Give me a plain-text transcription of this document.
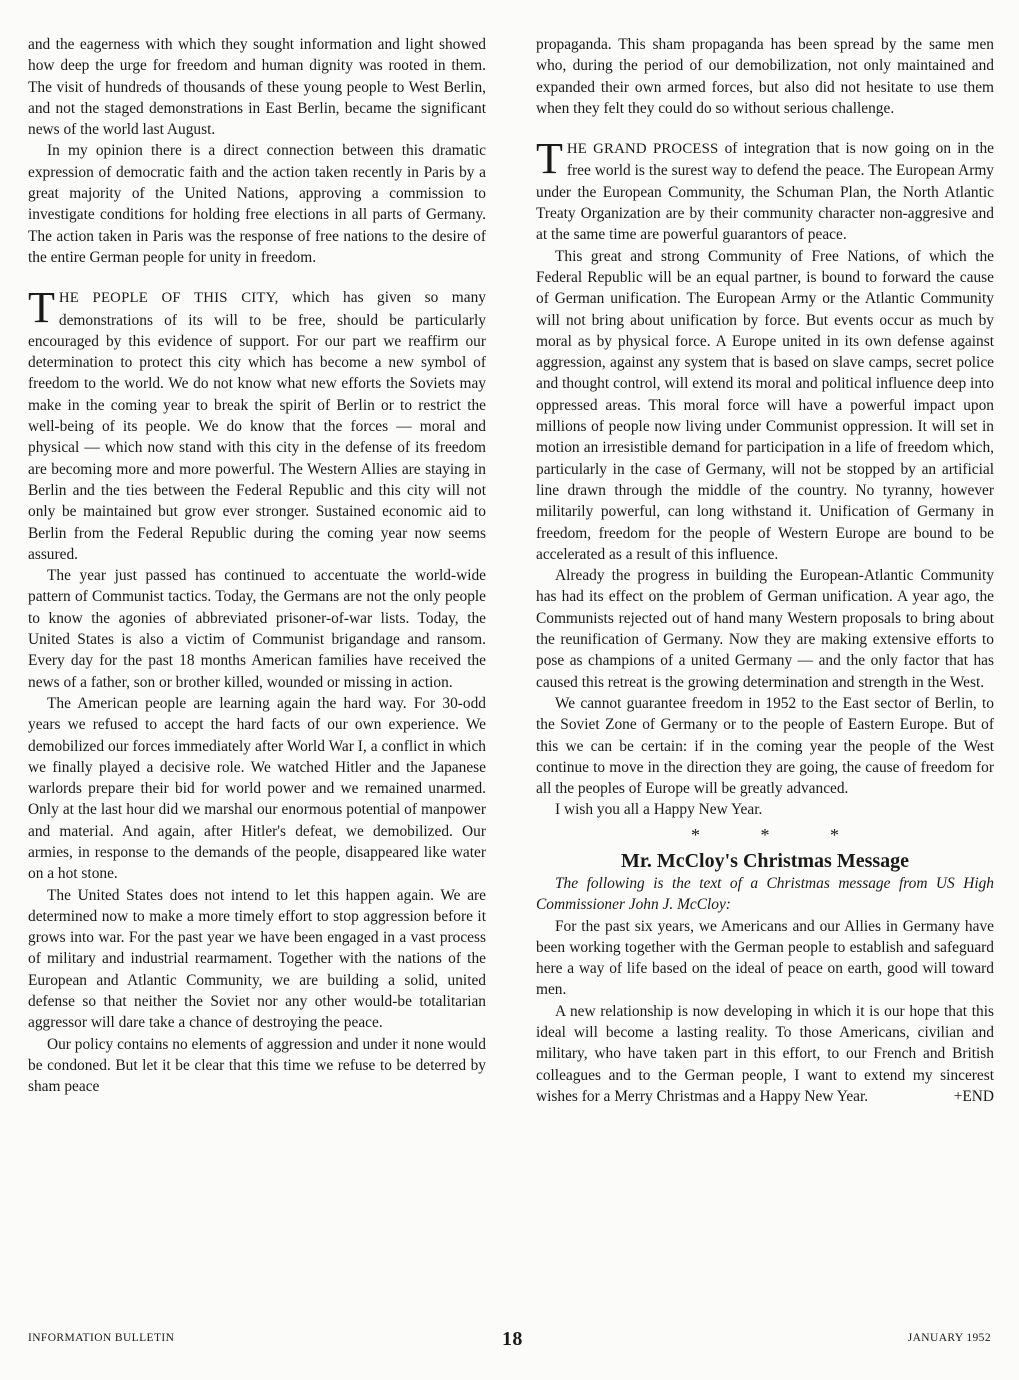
and the eagerness with which they sought information and light showed how deep the urge for freedom and human dignity was rooted in them. The visit of hundreds of thousands of these young people to West Berlin, and not the staged demonstrations in East Berlin, became the significant news of the world last August.

In my opinion there is a direct connection between this dramatic expression of democratic faith and the action taken recently in Paris by a great majority of the United Nations, approving a commission to investigate conditions for holding free elections in all parts of Germany. The action taken in Paris was the response of free nations to the desire of the entire German people for unity in freedom.

THE PEOPLE OF THIS CITY, which has given so many demonstrations of its will to be free, should be particularly encouraged by this evidence of support. For our part we reaffirm our determination to protect this city which has become a new symbol of freedom to the world. We do not know what new efforts the Soviets may make in the coming year to break the spirit of Berlin or to restrict the well-being of its people. We do know that the forces — moral and physical — which now stand with this city in the defense of its freedom are becoming more and more powerful. The Western Allies are staying in Berlin and the ties between the Federal Republic and this city will not only be maintained but grow ever stronger. Sustained economic aid to Berlin from the Federal Republic during the coming year now seems assured.

The year just passed has continued to accentuate the world-wide pattern of Communist tactics. Today, the Germans are not the only people to know the agonies of abbreviated prisoner-of-war lists. Today, the United States is also a victim of Communist brigandage and ransom. Every day for the past 18 months American families have received the news of a father, son or brother killed, wounded or missing in action.

The American people are learning again the hard way. For 30-odd years we refused to accept the hard facts of our own experience. We demobilized our forces immediately after World War I, a conflict in which we finally played a decisive role. We watched Hitler and the Japanese warlords prepare their bid for world power and we remained unarmed. Only at the last hour did we marshal our enormous potential of manpower and material. And again, after Hitler's defeat, we demobilized. Our armies, in response to the demands of the people, disappeared like water on a hot stone.

The United States does not intend to let this happen again. We are determined now to make a more timely effort to stop aggression before it grows into war. For the past year we have been engaged in a vast process of military and industrial rearmament. Together with the nations of the European and Atlantic Community, we are building a solid, united defense so that neither the Soviet nor any other would-be totalitarian aggressor will dare take a chance of destroying the peace.

Our policy contains no elements of aggression and under it none would be condoned. But let it be clear that this time we refuse to be deterred by sham peace

propaganda. This sham propaganda has been spread by the same men who, during the period of our demobilization, not only maintained and expanded their own armed forces, but also did not hesitate to use them when they felt they could do so without serious challenge.

THE GRAND PROCESS of integration that is now going on in the free world is the surest way to defend the peace. The European Army under the European Community, the Schuman Plan, the North Atlantic Treaty Organization are by their community character non-aggresive and at the same time are powerful guarantors of peace.

This great and strong Community of Free Nations, of which the Federal Republic will be an equal partner, is bound to forward the cause of German unification. The European Army or the Atlantic Community will not bring about unification by force. But events occur as much by moral as by physical force. A Europe united in its own defense against aggression, against any system that is based on slave camps, secret police and thought control, will extend its moral and political influence deep into oppressed areas. This moral force will have a powerful impact upon millions of people now living under Communist oppression. It will set in motion an irresistible demand for participation in a life of freedom which, particularly in the case of Germany, will not be stopped by an artificial line drawn through the middle of the country. No tyranny, however militarily powerful, can long withstand it. Unification of Germany in freedom, freedom for the people of Western Europe are bound to be accelerated as a result of this influence.

Already the progress in building the European-Atlantic Community has had its effect on the problem of German unification. A year ago, the Communists rejected out of hand many Western proposals to bring about the reunification of Germany. Now they are making extensive efforts to pose as champions of a united Germany — and the only factor that has caused this retreat is the growing determination and strength in the West.

We cannot guarantee freedom in 1952 to the East sector of Berlin, to the Soviet Zone of Germany or to the people of Eastern Europe. But of this we can be certain: if in the coming year the people of the West continue to move in the direction they are going, the cause of freedom for all the peoples of Europe will be greatly advanced.

I wish you all a Happy New Year.

* * *
Mr. McCloy's Christmas Message

The following is the text of a Christmas message from US High Commissioner John J. McCloy:

For the past six years, we Americans and our Allies in Germany have been working together with the German people to establish and safeguard here a way of life based on the ideal of peace on earth, good will toward men.

A new relationship is now developing in which it is our hope that this ideal will become a lasting reality. To those Americans, civilian and military, who have taken part in this effort, to our French and British colleagues and to the German people, I want to extend my sincerest wishes for a Merry Christmas and a Happy New Year.	+END

INFORMATION BULLETIN	18	JANUARY 1952
